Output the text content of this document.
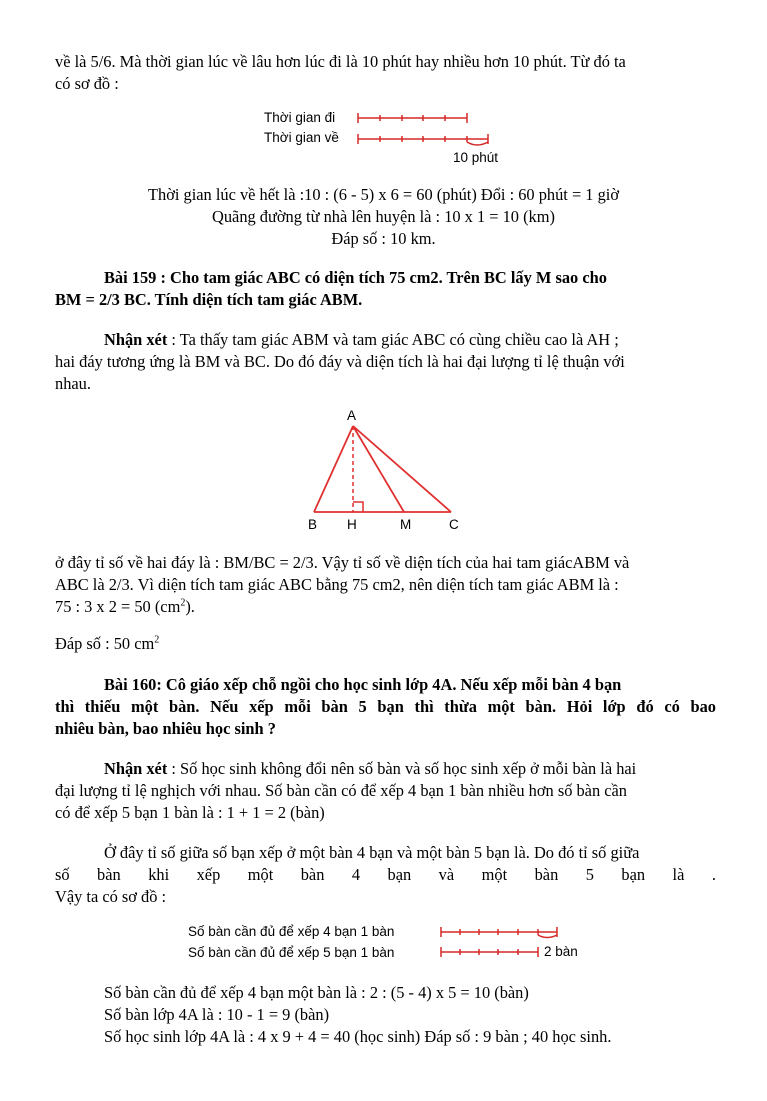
về là 5/6. Mà thời gian lúc về lâu hơn lúc đi là 10 phút hay nhiều hơn 10 phút. Từ đó ta
có sơ đồ :
Thời gian đi
Thời gian về
10 phút
Thời gian lúc về hết là :10 : (6 - 5) x 6 = 60 (phút) Đổi : 60 phút = 1 giờ
Quãng đường từ nhà lên huyện là : 10 x 1 = 10 (km)
Đáp số : 10 km.
Bài 159 : Cho tam giác ABC có diện tích 75 cm2. Trên BC lấy M sao cho
BM = 2/3 BC. Tính diện tích tam giác ABM.
Nhận xét : Ta thấy tam giác ABM và tam giác ABC có cùng chiều cao là AH ;
hai đáy tương ứng là BM và BC. Do đó đáy và diện tích là hai đại lượng tỉ lệ thuận với
nhau.
A
B H	M	C
ở đây tỉ số về hai đáy là : BM/BC = 2/3. Vậy tỉ số về diện tích của hai tam giácABM và
ABC là 2/3. Vì diện tích tam giác ABC bằng 75 cm2, nên diện tích tam giác ABM là :
75 : 3 x 2 = 50 $(cm^2)$.
Đáp số : 50 $cm^2$
Bài 160: Cô giáo xếp chỗ ngồi cho học sinh lớp 4A. Nếu xếp mỗi bàn 4 bạn
thì thiếu một bàn. Nếu xếp mỗi bàn 5 bạn thì thừa một bàn. Hỏi lớp đó có bao
nhiêu bàn, bao nhiêu học sinh ?
Nhận xét : Số học sinh không đổi nên số bàn và số học sinh xếp ở mỗi bàn là hai
đại lượng tỉ lệ nghịch với nhau. Số bàn cần có để xếp 4 bạn 1 bàn nhiều hơn số bàn cần
có để xếp 5 bạn 1 bàn là : 1 + 1 = 2 (bàn)
Ở đây tỉ số giữa số bạn xếp ở một bàn 4 bạn và một bàn 5 bạn là. Do đó tỉ số giữa
số bàn khi xếp một bàn 4 bạn và một bàn 5 bạn là .
Vậy ta có sơ đồ :
Số bàn cần đủ để xếp 4 bạn 1 bàn
Số bàn cần đủ để xếp 5 bạn 1 bàn	2 bàn
Số bàn cần đủ để xếp 4 bạn một bàn là : 2 : (5 - 4) x 5 = 10 (bàn)
Số bàn lớp 4A là : 10 - 1 = 9 (bàn)
Số học sinh lớp 4A là : 4 x 9 + 4 = 40 (học sinh) Đáp số : 9 bàn ; 40 học sinh.
